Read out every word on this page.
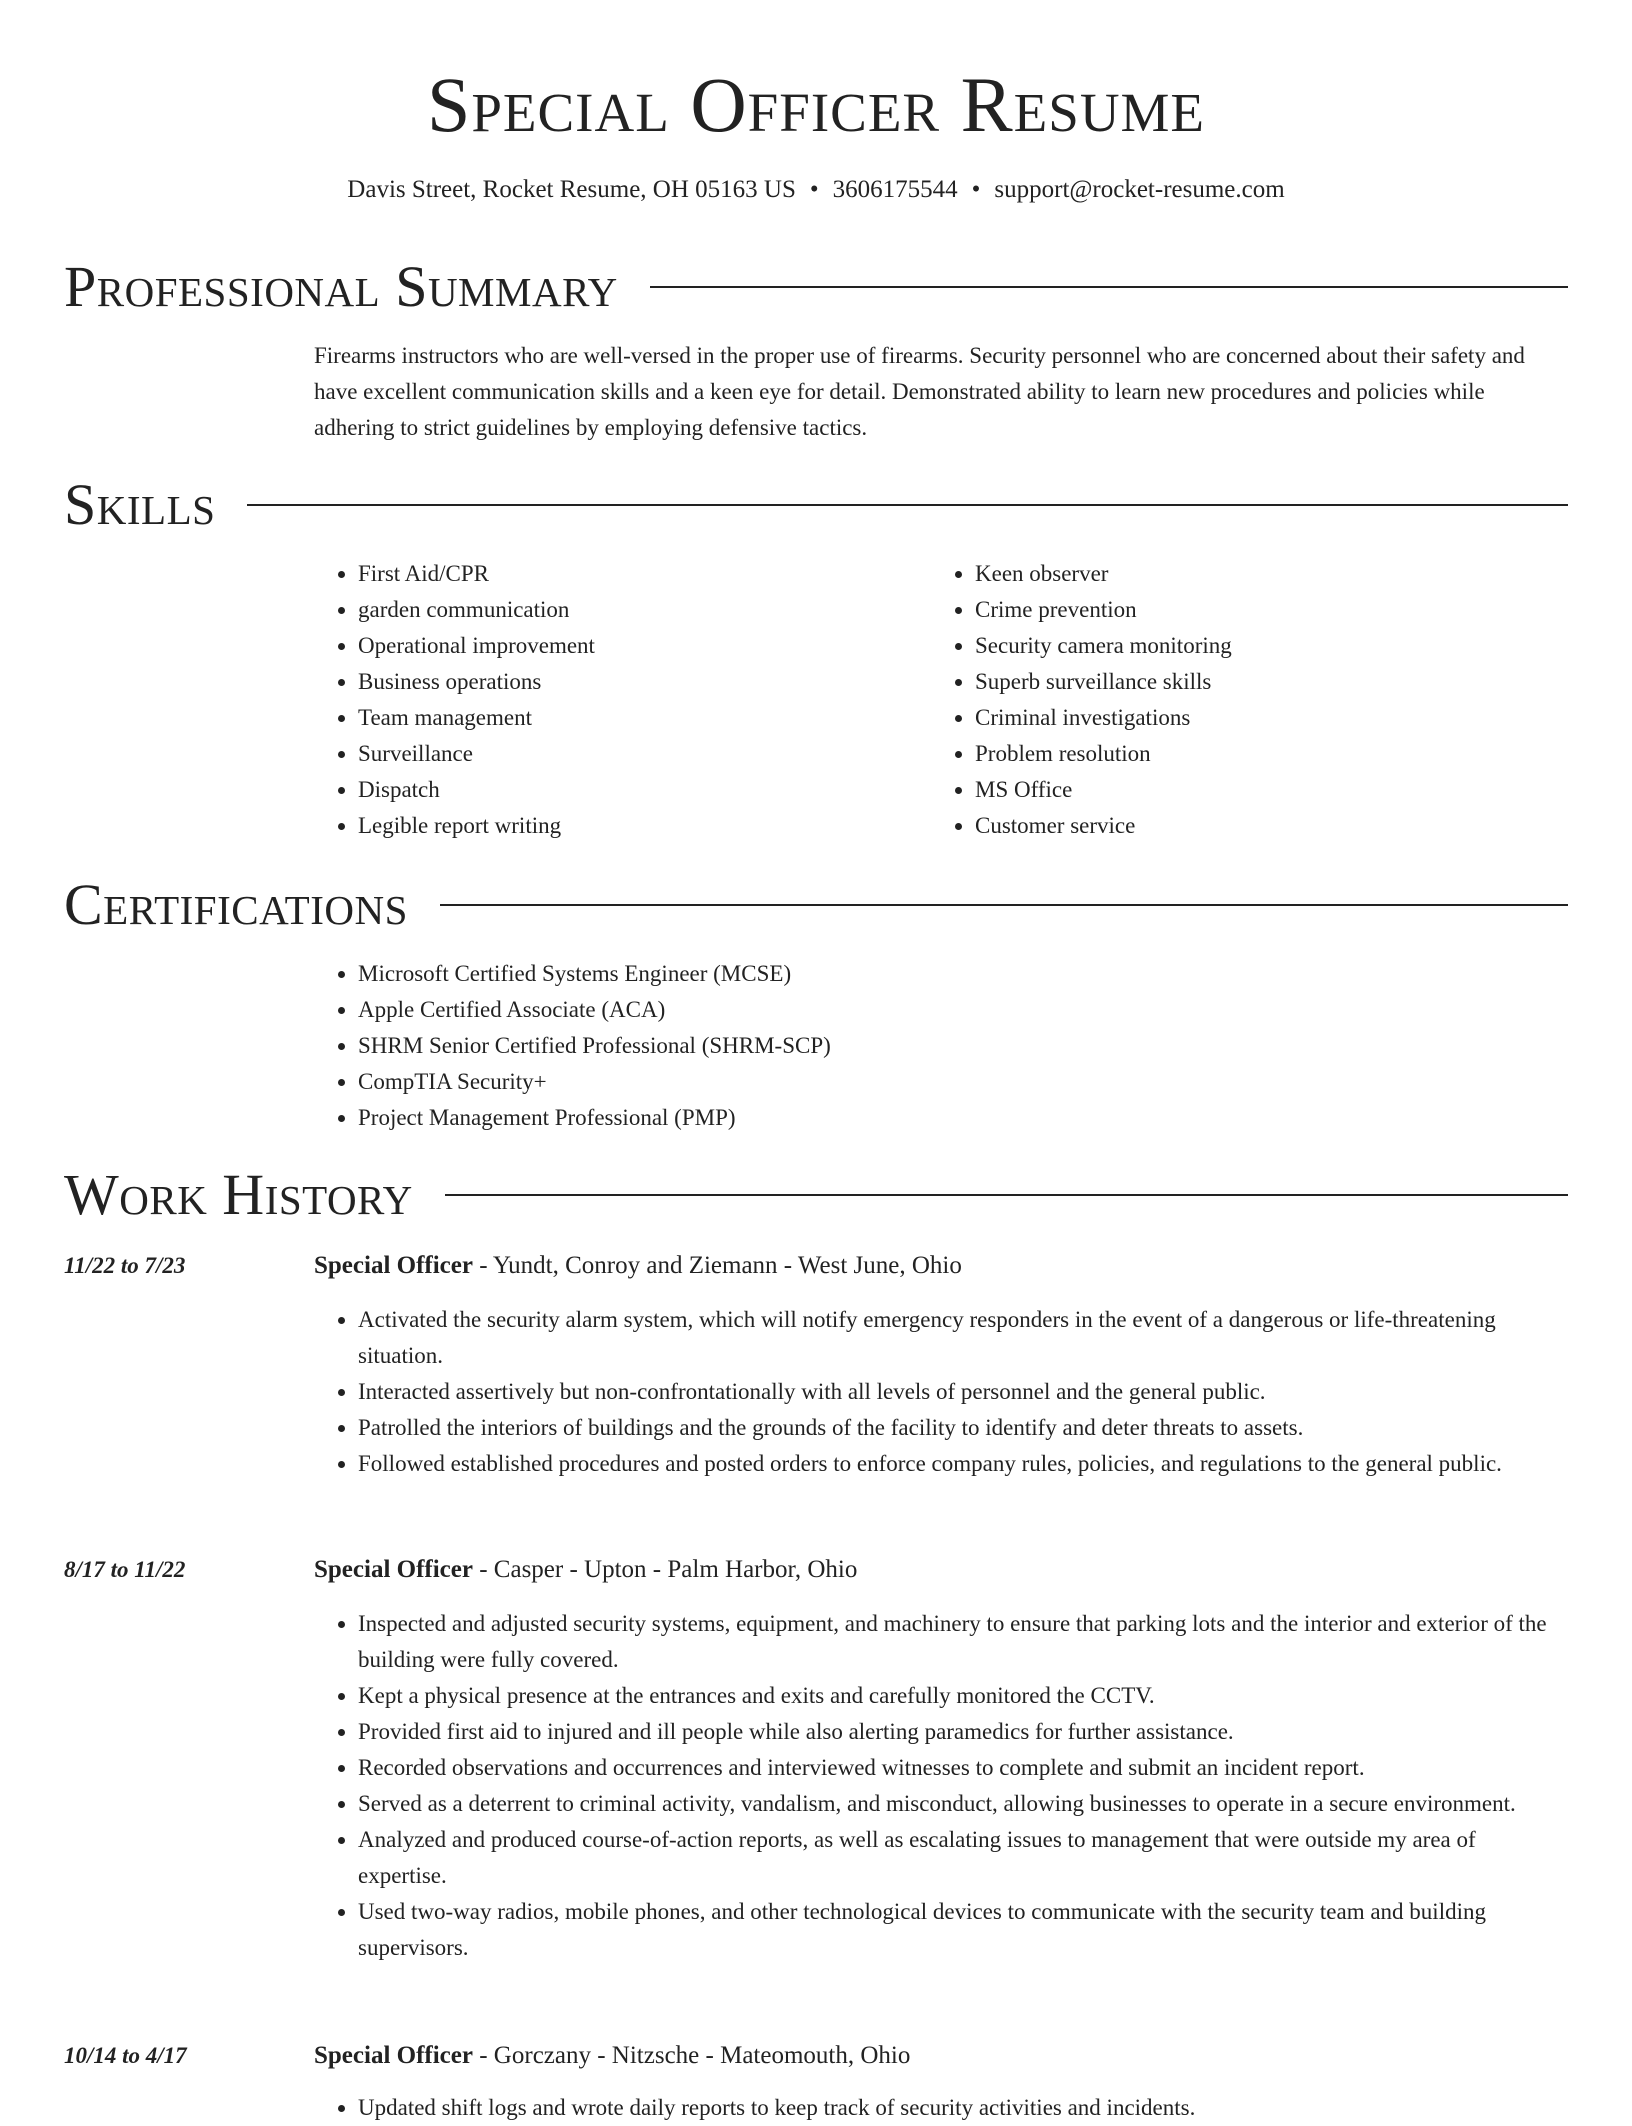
Special Officer Resume
Davis Street, Rocket Resume, OH 05163 US • 3606175544 • support@rocket-resume.com
Professional Summary
Firearms instructors who are well-versed in the proper use of firearms. Security personnel who are concerned about their safety and have excellent communication skills and a keen eye for detail. Demonstrated ability to learn new procedures and policies while adhering to strict guidelines by employing defensive tactics.
Skills
• First Aid/CPR
• garden communication
• Operational improvement
• Business operations
• Team management
• Surveillance
• Dispatch
• Legible report writing
• Keen observer
• Crime prevention
• Security camera monitoring
• Superb surveillance skills
• Criminal investigations
• Problem resolution
• MS Office
• Customer service
Certifications
• Microsoft Certified Systems Engineer (MCSE)
• Apple Certified Associate (ACA)
• SHRM Senior Certified Professional (SHRM-SCP)
• CompTIA Security+
• Project Management Professional (PMP)
Work History
11/22 to 7/23	Special Officer - Yundt, Conroy and Ziemann - West June, Ohio
• Activated the security alarm system, which will notify emergency responders in the event of a dangerous or life-threatening situation.
• Interacted assertively but non-confrontationally with all levels of personnel and the general public.
• Patrolled the interiors of buildings and the grounds of the facility to identify and deter threats to assets.
• Followed established procedures and posted orders to enforce company rules, policies, and regulations to the general public.
8/17 to 11/22	Special Officer - Casper - Upton - Palm Harbor, Ohio
• Inspected and adjusted security systems, equipment, and machinery to ensure that parking lots and the interior and exterior of the building were fully covered.
• Kept a physical presence at the entrances and exits and carefully monitored the CCTV.
• Provided first aid to injured and ill people while also alerting paramedics for further assistance.
• Recorded observations and occurrences and interviewed witnesses to complete and submit an incident report.
• Served as a deterrent to criminal activity, vandalism, and misconduct, allowing businesses to operate in a secure environment.
• Analyzed and produced course-of-action reports, as well as escalating issues to management that were outside my area of expertise.
• Used two-way radios, mobile phones, and other technological devices to communicate with the security team and building supervisors.
10/14 to 4/17	Special Officer - Gorczany - Nitzsche - Mateomouth, Ohio
• Updated shift logs and wrote daily reports to keep track of security activities and incidents.
